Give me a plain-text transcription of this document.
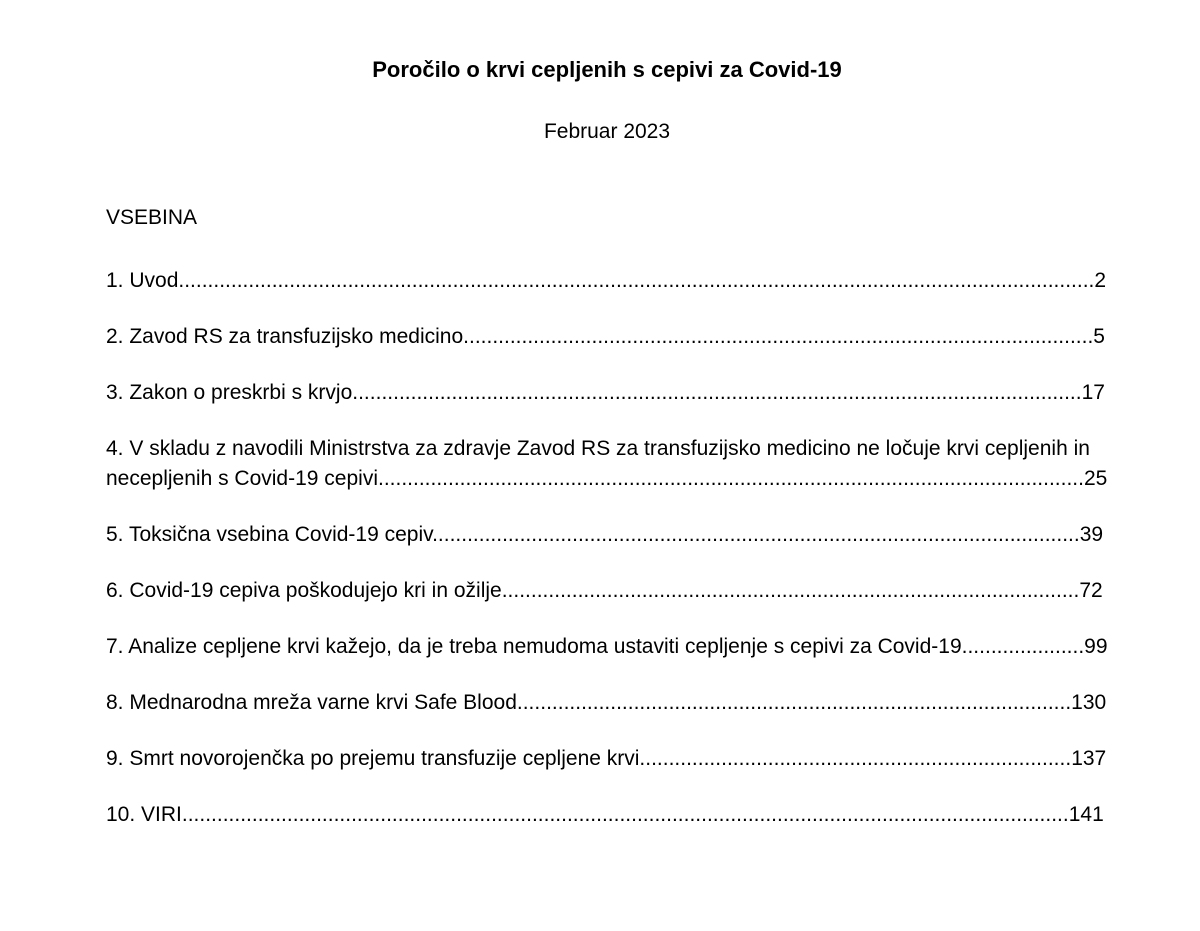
Poročilo o krvi cepljenih s cepivi za Covid-19

Februar 2023

VSEBINA
1. Uvod.............................................................................................................................................................2
2. Zavod RS za transfuzijsko medicino............................................................................................................5
3. Zakon o preskrbi s krvjo.............................................................................................................................17
4. V skladu z navodili Ministrstva za zdravje Zavod RS za transfuzijsko medicino ne ločuje krvi cepljenih in necepljenih s Covid-19 cepivi.........................................................................................................................25
5. Toksična vsebina Covid-19 cepiv...............................................................................................................39
6. Covid-19 cepiva poškodujejo kri in ožilje...................................................................................................72
7. Analize cepljene krvi kažejo, da je treba nemudoma ustaviti cepljenje s cepivi za Covid-19.....................99
8. Mednarodna mreža varne krvi Safe Blood...............................................................................................130
9. Smrt novorojenčka po prejemu transfuzije cepljene krvi..........................................................................137
10. VIRI........................................................................................................................................................141
